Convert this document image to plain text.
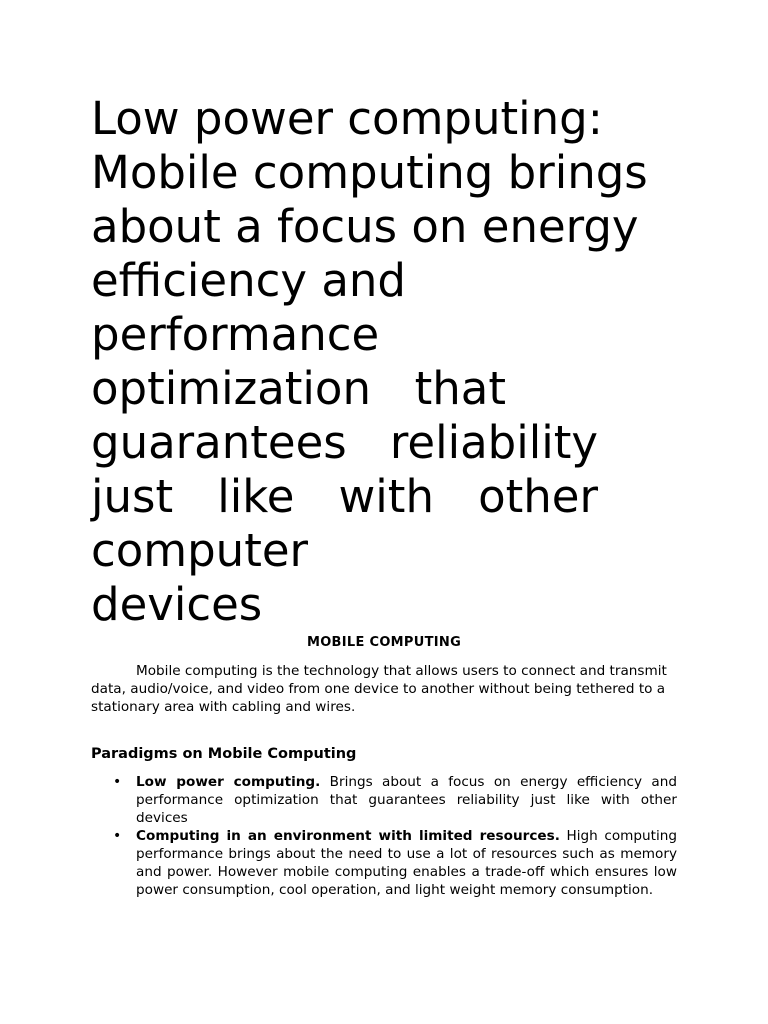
Low power computing:
Mobile computing brings
about a focus on energy
efficiency and
performance
optimization that
guarantees reliability
just like with other
computer
devices
MOBILE COMPUTING

Mobile computing is the technology that allows users to connect and transmit data, audio/voice, and video from one device to another without being tethered to a stationary area with cabling and wires.

Paradigms on Mobile Computing
• Low power computing. Brings about a focus on energy efficiency and performance optimization that guarantees reliability just like with other devices
• Computing in an environment with limited resources. High computing performance brings about the need to use a lot of resources such as memory and power. However mobile computing enables a trade-off which ensures low power consumption, cool operation, and light weight memory consumption.
